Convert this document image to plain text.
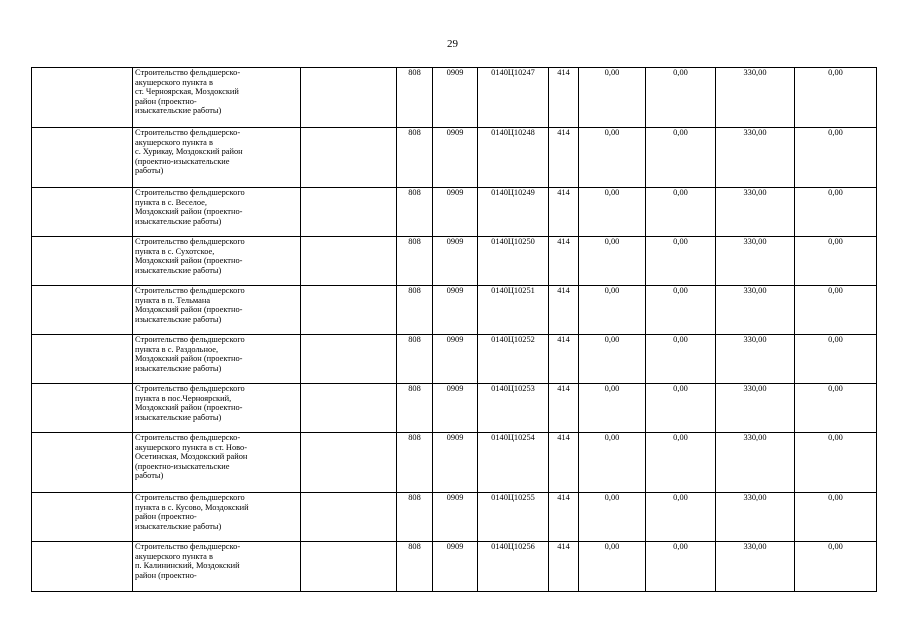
29

	Строительство фельдшерско-
акушерского пункта в
ст. Черноярская, Моздокский
район (проектно-
изыскательские работы)		808	0909	0140Ц10247	414	0,00	0,00	330,00	0,00

	Строительство фельдшерско-
акушерского пункта в
с. Хурикау, Моздокский район
(проектно-изыскательские
работы)		808	0909	0140Ц10248	414	0,00	0,00	330,00	0,00

	Строительство фельдшерского
пункта в с. Веселое,
Моздокский район (проектно-
изыскательские работы)		808	0909	0140Ц10249	414	0,00	0,00	330,00	0,00

	Строительство фельдшерского
пункта в с. Сухотское,
Моздокский район (проектно-
изыскательские работы)		808	0909	0140Ц10250	414	0,00	0,00	330,00	0,00

	Строительство фельдшерского
пункта в п. Тельмана
Моздокский район (проектно-
изыскательские работы)		808	0909	0140Ц10251	414	0,00	0,00	330,00	0,00

	Строительство фельдшерского
пункта в с. Раздольное,
Моздокский район (проектно-
изыскательские работы)		808	0909	0140Ц10252	414	0,00	0,00	330,00	0,00

	Строительство фельдшерского
пункта в пос.Черноярский,
Моздокский район (проектно-
изыскательские работы)		808	0909	0140Ц10253	414	0,00	0,00	330,00	0,00

	Строительство фельдшерско-
акушерского пункта в ст. Ново-
Осетинская, Моздокский район
(проектно-изыскательские
работы)		808	0909	0140Ц10254	414	0,00	0,00	330,00	0,00

	Строительство фельдшерского
пункта в с. Кусово, Моздокский
район (проектно-
изыскательские работы)		808	0909	0140Ц10255	414	0,00	0,00	330,00	0,00

	Строительство фельдшерско-
акушерского пункта в
п. Калининский, Моздокский
район (проектно-		808	0909	0140Ц10256	414	0,00	0,00	330,00	0,00
